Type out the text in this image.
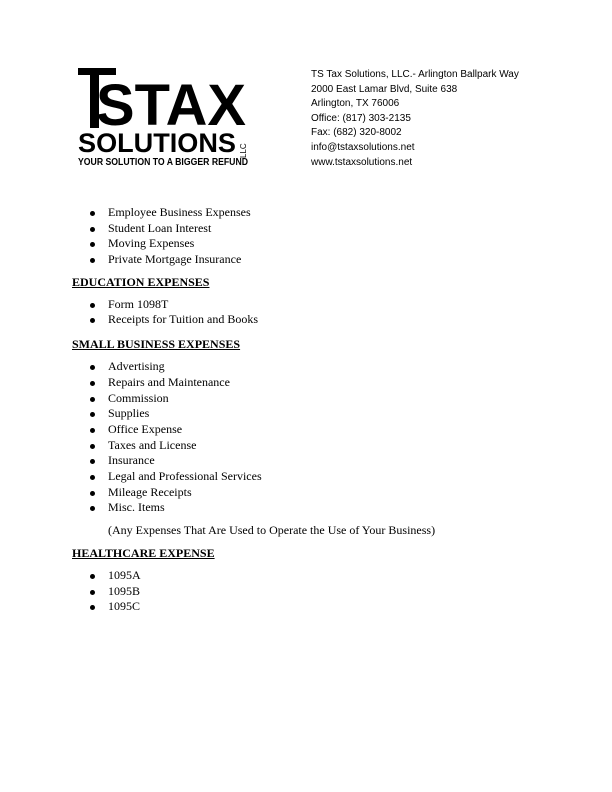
STAX
SOLUTIONS LLC
YOUR SOLUTION TO A BIGGER REFUND
TS Tax Solutions, LLC.- Arlington Ballpark Way
2000 East Lamar Blvd, Suite 638
Arlington, TX 76006
Office: (817) 303-2135
Fax: (682) 320-8002
info@tstaxsolutions.net
www.tstaxsolutions.net
Employee Business Expenses
Student Loan Interest
Moving Expenses
Private Mortgage Insurance
EDUCATION EXPENSES
Form 1098T
Receipts for Tuition and Books
SMALL BUSINESS EXPENSES
Advertising
Repairs and Maintenance
Commission
Supplies
Office Expense
Taxes and License
Insurance
Legal and Professional Services
Mileage Receipts
Misc. Items
(Any Expenses That Are Used to Operate the Use of Your Business)
HEALTHCARE EXPENSE
1095A
1095B
1095C
